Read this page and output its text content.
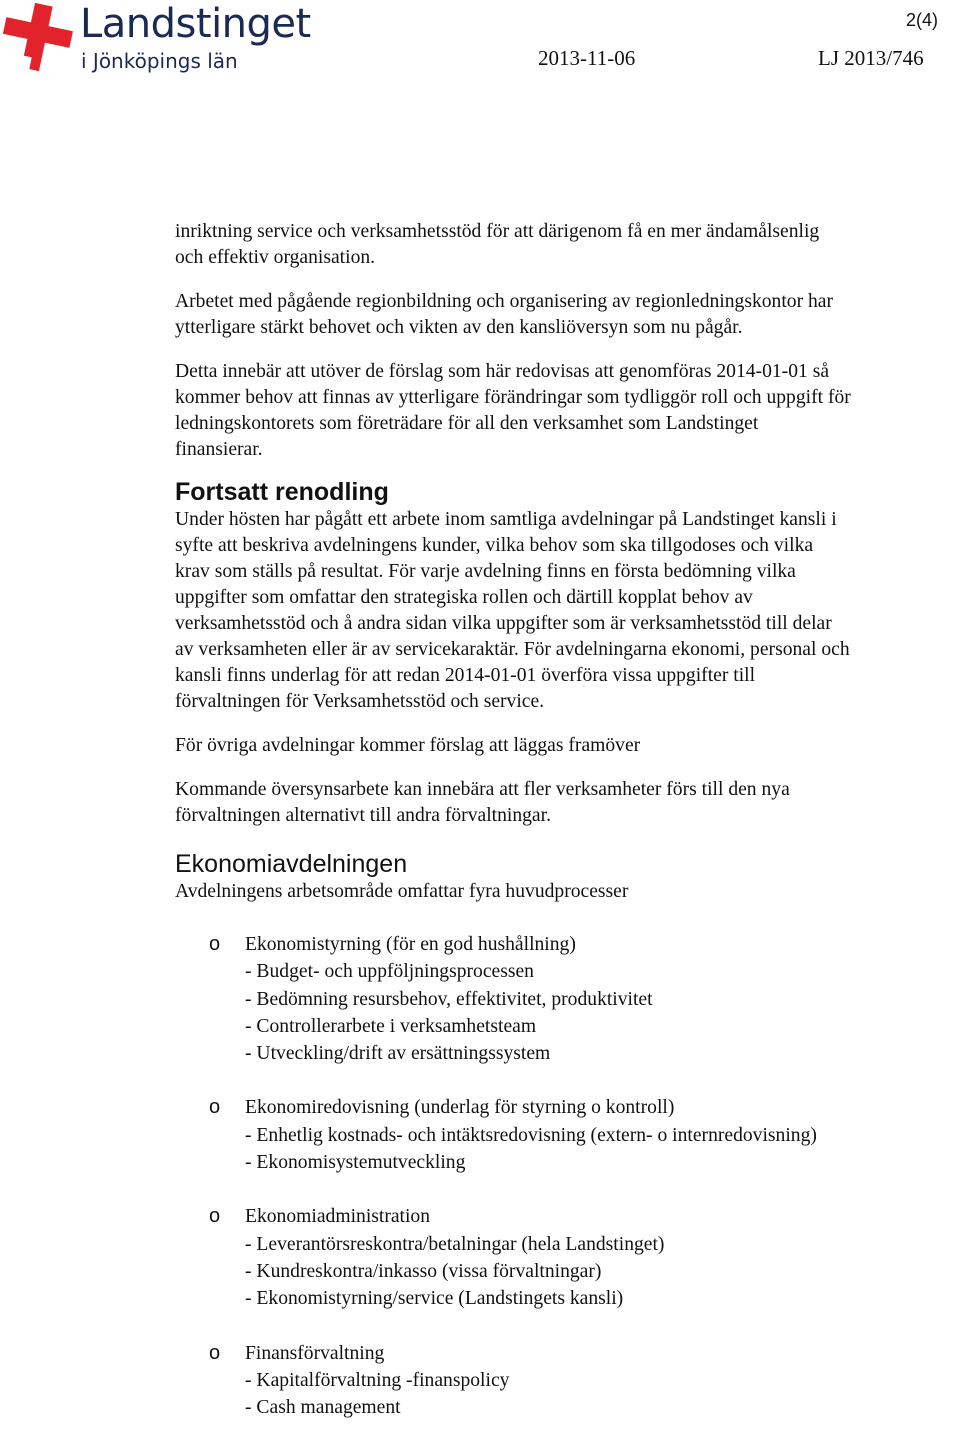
Landstinget
i Jönköpings län
2(4)
2013-11-06	LJ 2013/746

inriktning service och verksamhetsstöd för att därigenom få en mer ändamålsenlig

och effektiv organisation.

Arbetet med pågående regionbildning och organisering av regionledningskontor har

ytterligare stärkt behovet och vikten av den kansliöversyn som nu pågår.

Detta innebär att utöver de förslag som här redovisas att genomföras 2014-01-01 så

kommer behov att finnas av ytterligare förändringar som tydliggör roll och uppgift för

ledningskontorets som företrädare för all den verksamhet som Landstinget

finansierar.

Fortsatt renodling

Under hösten har pågått ett arbete inom samtliga avdelningar på Landstinget kansli i

syfte att beskriva avdelningens kunder, vilka behov som ska tillgodoses och vilka

krav som ställs på resultat. För varje avdelning finns en första bedömning vilka

uppgifter som omfattar den strategiska rollen och därtill kopplat behov av

verksamhetsstöd och å andra sidan vilka uppgifter som är verksamhetsstöd till delar

av verksamheten eller är av servicekaraktär. För avdelningarna ekonomi, personal och

kansli finns underlag för att redan 2014-01-01 överföra vissa uppgifter till

förvaltningen för Verksamhetsstöd och service.

För övriga avdelningar kommer förslag att läggas framöver

Kommande översynsarbete kan innebära att fler verksamheter förs till den nya

förvaltningen alternativt till andra förvaltningar.

Ekonomiavdelningen

Avdelningens arbetsområde omfattar fyra huvudprocesser

o Ekonomistyrning (för en god hushållning)

- Budget- och uppföljningsprocessen

- Bedömning resursbehov, effektivitet, produktivitet

- Controllerarbete i verksamhetsteam

- Utveckling/drift av ersättningssystem

o Ekonomiredovisning (underlag för styrning o kontroll)

- Enhetlig kostnads- och intäktsredovisning (extern- o internredovisning)

- Ekonomisystemutveckling

o Ekonomiadministration

- Leverantörsreskontra/betalningar (hela Landstinget)

- Kundreskontra/inkasso (vissa förvaltningar)

- Ekonomistyrning/service (Landstingets kansli)

o Finansförvaltning

- Kapitalförvaltning -finanspolicy

- Cash management
